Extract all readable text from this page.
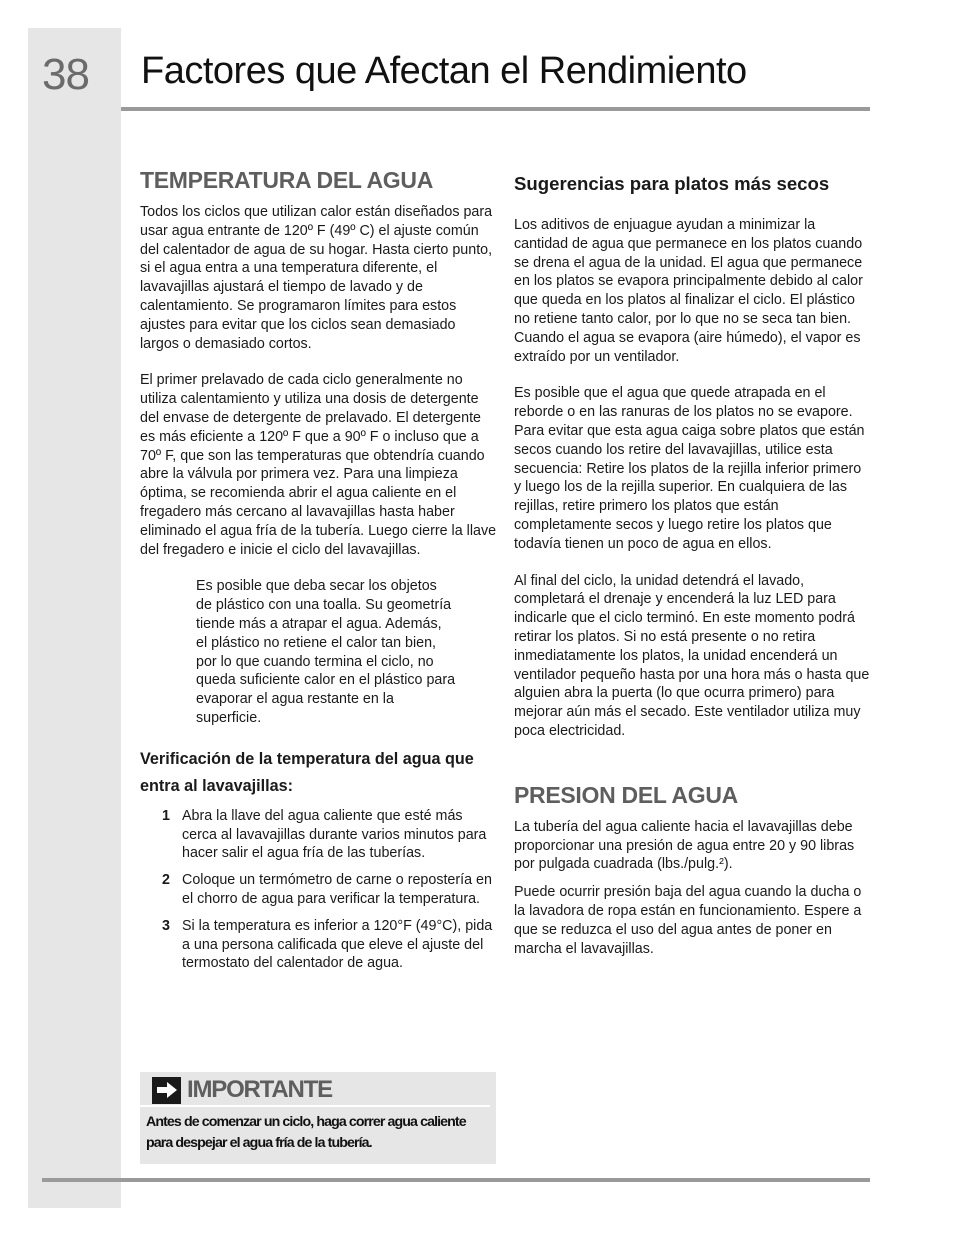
38 Factores que Afectan el Rendimiento
TEMPERATURA DEL AGUA
Todos los ciclos que utilizan calor están diseñados para usar agua entrante de 120º F (49º C) el ajuste común del calentador de agua de su hogar. Hasta cierto punto, si el agua entra a una temperatura diferente, el lavavajillas ajustará el tiempo de lavado y de calentamiento. Se programaron límites para estos ajustes para evitar que los ciclos sean demasiado largos o demasiado cortos.
El primer prelavado de cada ciclo generalmente no utiliza calentamiento y utiliza una dosis de detergente del envase de detergente de prelavado. El detergente es más eficiente a 120º F que a 90º F o incluso que a 70º F, que son las temperaturas que obtendría cuando abre la válvula por primera vez. Para una limpieza óptima, se recomienda abrir el agua caliente en el fregadero más cercano al lavavajillas hasta haber eliminado el agua fría de la tubería. Luego cierre la llave del fregadero e inicie el ciclo del lavavajillas.
Es posible que deba secar los objetos de plástico con una toalla. Su geometría tiende más a atrapar el agua. Además, el plástico no retiene el calor tan bien, por lo que cuando termina el ciclo, no queda suficiente calor en el plástico para evaporar el agua restante en la superficie.
Verificación de la temperatura del agua que entra al lavavajillas:
1 Abra la llave del agua caliente que esté más cerca al lavavajillas durante varios minutos para hacer salir el agua fría de las tuberías.
2 Coloque un termómetro de carne o repostería en el chorro de agua para verificar la temperatura.
3 Si la temperatura es inferior a 120°F (49°C), pida a una persona calificada que eleve el ajuste del termostato del calentador de agua.
IMPORTANTE
Antes de comenzar un ciclo, haga correr agua caliente para despejar el agua fría de la tubería.
Sugerencias para platos más secos
Los aditivos de enjuague ayudan a minimizar la cantidad de agua que permanece en los platos cuando se drena el agua de la unidad. El agua que permanece en los platos se evapora principalmente debido al calor que queda en los platos al finalizar el ciclo. El plástico no retiene tanto calor, por lo que no se seca tan bien. Cuando el agua se evapora (aire húmedo), el vapor es extraído por un ventilador.
Es posible que el agua que quede atrapada en el reborde o en las ranuras de los platos no se evapore. Para evitar que esta agua caiga sobre platos que están secos cuando los retire del lavavajillas, utilice esta secuencia: Retire los platos de la rejilla inferior primero y luego los de la rejilla superior. En cualquiera de las rejillas, retire primero los platos que están completamente secos y luego retire los platos que todavía tienen un poco de agua en ellos.
Al final del ciclo, la unidad detendrá el lavado, completará el drenaje y encenderá la luz LED para indicarle que el ciclo terminó. En este momento podrá retirar los platos. Si no está presente o no retira inmediatamente los platos, la unidad encenderá un ventilador pequeño hasta por una hora más o hasta que alguien abra la puerta (lo que ocurra primero) para mejorar aún más el secado. Este ventilador utiliza muy poca electricidad.
PRESION DEL AGUA
La tubería del agua caliente hacia el lavavajillas debe proporcionar una presión de agua entre 20 y 90 libras por pulgada cuadrada (lbs./pulg.²).
Puede ocurrir presión baja del agua cuando la ducha o la lavadora de ropa están en funcionamiento. Espere a que se reduzca el uso del agua antes de poner en marcha el lavavajillas.
